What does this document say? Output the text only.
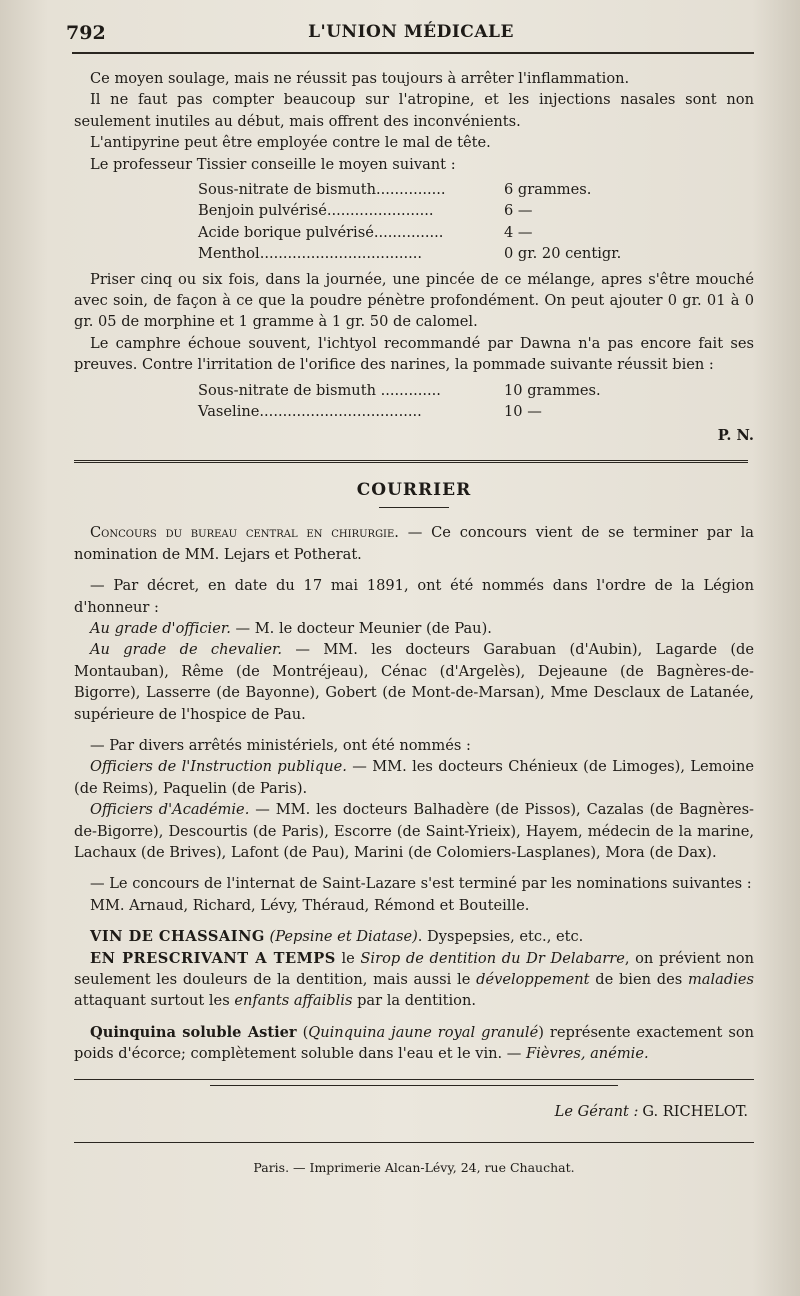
792	L'UNION MÉDICALE

Ce moyen soulage, mais ne réussit pas toujours à arrêter l'inflammation.

Il ne faut pas compter beaucoup sur l'atropine, et les injections nasales sont non seulement inutiles au début, mais offrent des inconvénients.

L'antipyrine peut être employée contre le mal de tête.

Le professeur Tissier conseille le moyen suivant :

Sous-nitrate de bismuth...............	6 grammes.
Benjoin pulvérisé.......................	6 —
Acide borique pulvérisé...............	4 —
Menthol...................................	0 gr. 20 centigr.

Priser cinq ou six fois, dans la journée, une pincée de ce mélange, apres s'être mouché avec soin, de façon à ce que la poudre pénètre profondément. On peut ajouter 0 gr. 01 à 0 gr. 05 de morphine et 1 gramme à 1 gr. 50 de calomel.

Le camphre échoue souvent, l'ichtyol recommandé par Dawna n'a pas encore fait ses preuves. Contre l'irritation de l'orifice des narines, la pommade suivante réussit bien :

Sous-nitrate de bismuth .............	10 grammes.
Vaseline...................................	10 —
P. N.
COURRIER

Concours du bureau central en chirurgie. — Ce concours vient de se terminer par la nomination de MM. Lejars et Potherat.

— Par décret, en date du 17 mai 1891, ont été nommés dans l'ordre de la Légion d'honneur :

Au grade d'officier. — M. le docteur Meunier (de Pau).

Au grade de chevalier. — MM. les docteurs Garabuan (d'Aubin), Lagarde (de Montauban), Rême (de Montréjeau), Cénac (d'Argelès), Dejeaune (de Bagnères-de-Bigorre), Lasserre (de Bayonne), Gobert (de Mont-de-Marsan), Mme Desclaux de Latanée, supérieure de l'hospice de Pau.

— Par divers arrêtés ministériels, ont été nommés :

Officiers de l'Instruction publique. — MM. les docteurs Chénieux (de Limoges), Lemoine (de Reims), Paquelin (de Paris).

Officiers d'Académie. — MM. les docteurs Balhadère (de Pissos), Cazalas (de Bagnères-de-Bigorre), Descourtis (de Paris), Escorre (de Saint-Yrieix), Hayem, médecin de la marine, Lachaux (de Brives), Lafont (de Pau), Marini (de Colomiers-Lasplanes), Mora (de Dax).

— Le concours de l'internat de Saint-Lazare s'est terminé par les nominations suivantes :

MM. Arnaud, Richard, Lévy, Théraud, Rémond et Bouteille.

VIN DE CHASSAING (Pepsine et Diatase). Dyspepsies, etc., etc.

EN PRESCRIVANT A TEMPS le Sirop de dentition du Dr Delabarre, on prévient non seulement les douleurs de la dentition, mais aussi le développement de bien des maladies attaquant surtout les enfants affaiblis par la dentition.

Quinquina soluble Astier (Quinquina jaune royal granulé) représente exactement son poids d'écorce; complètement soluble dans l'eau et le vin. — Fièvres, anémie.

Le Gérant : G. RICHELOT.
Paris. — Imprimerie Alcan-Lévy, 24, rue Chauchat.
